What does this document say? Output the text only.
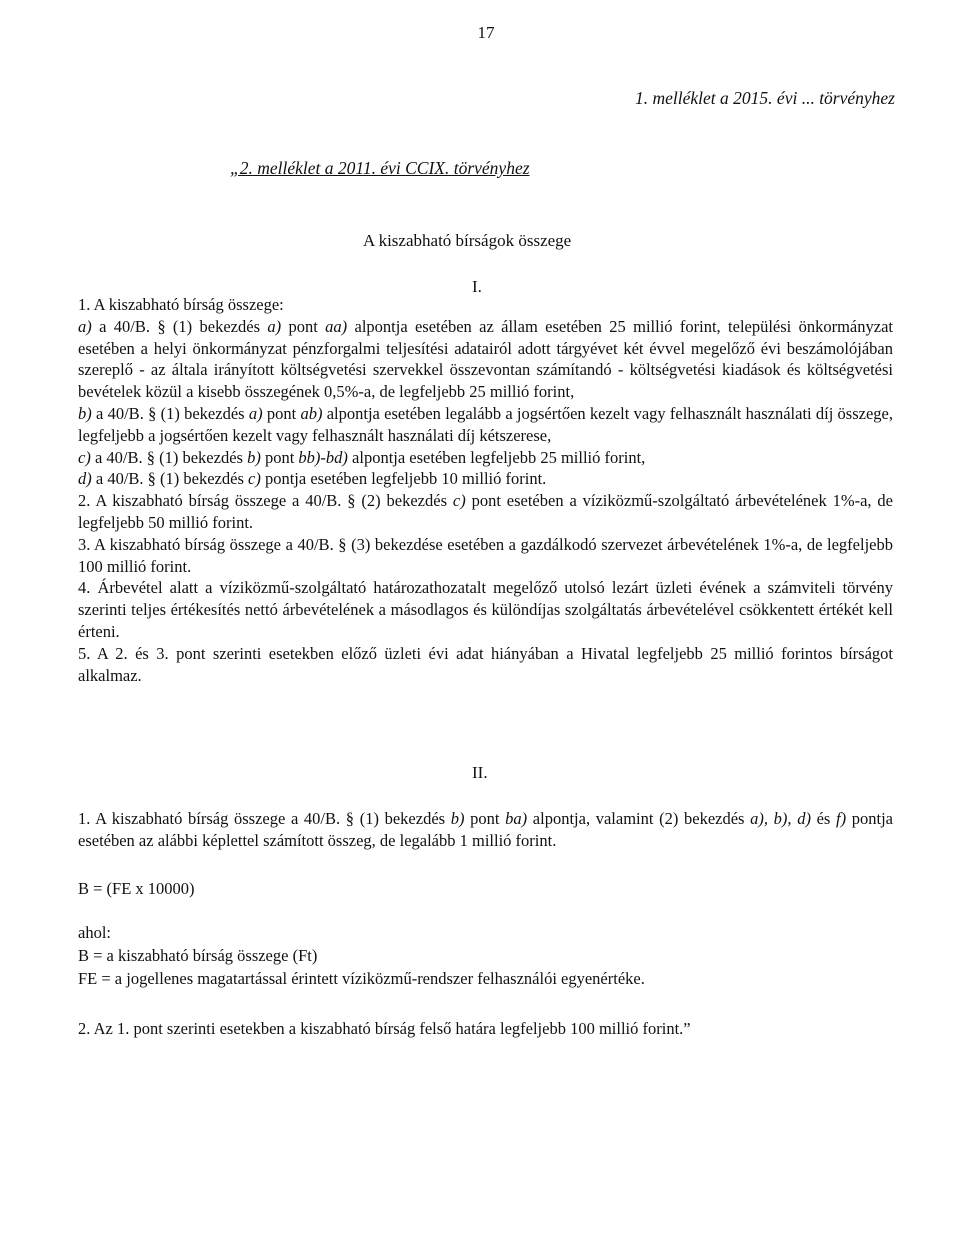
17
1. melléklet a 2015. évi ... törvényhez
„2. melléklet a 2011. évi CCIX. törvényhez
A kiszabható bírságok összege
I.

1. A kiszabható bírság összege:

a) a 40/B. § (1) bekezdés a) pont aa) alpontja esetében az állam esetében 25 millió forint, települési önkormányzat esetében a helyi önkormányzat pénzforgalmi teljesítési adatairól adott tárgyévet két évvel megelőző évi beszámolójában szereplő - az általa irányított költségvetési szervekkel összevontan számítandó - költségvetési kiadások és költségvetési bevételek közül a kisebb összegének 0,5%-a, de legfeljebb 25 millió forint,

b) a 40/B. § (1) bekezdés a) pont ab) alpontja esetében legalább a jogsértően kezelt vagy felhasznált használati díj összege, legfeljebb a jogsértően kezelt vagy felhasznált használati díj kétszerese,

c) a 40/B. § (1) bekezdés b) pont bb)-bd) alpontja esetében legfeljebb 25 millió forint,

d) a 40/B. § (1) bekezdés c) pontja esetében legfeljebb 10 millió forint.

2. A kiszabható bírság összege a 40/B. § (2) bekezdés c) pont esetében a víziközmű-szolgáltató árbevételének 1%-a, de legfeljebb 50 millió forint.

3. A kiszabható bírság összege a 40/B. § (3) bekezdése esetében a gazdálkodó szervezet árbevételének 1%-a, de legfeljebb 100 millió forint.

4. Árbevétel alatt a víziközmű-szolgáltató határozathozatalt megelőző utolsó lezárt üzleti évének a számviteli törvény szerinti teljes értékesítés nettó árbevételének a másodlagos és különdíjas szolgáltatás árbevételével csökkentett értékét kell érteni.

5. A 2. és 3. pont szerinti esetekben előző üzleti évi adat hiányában a Hivatal legfeljebb 25 millió forintos bírságot alkalmaz.

II.

1. A kiszabható bírság összege a 40/B. § (1) bekezdés b) pont ba) alpontja, valamint (2) bekezdés a), b), d) és f) pontja esetében az alábbi képlettel számított összeg, de legalább 1 millió forint.

B = (FE x 10000)
ahol:
B = a kiszabható bírság összege (Ft)
FE = a jogellenes magatartással érintett víziközmű-rendszer felhasználói egyenértéke.
2. Az 1. pont szerinti esetekben a kiszabható bírság felső határa legfeljebb 100 millió forint.”
